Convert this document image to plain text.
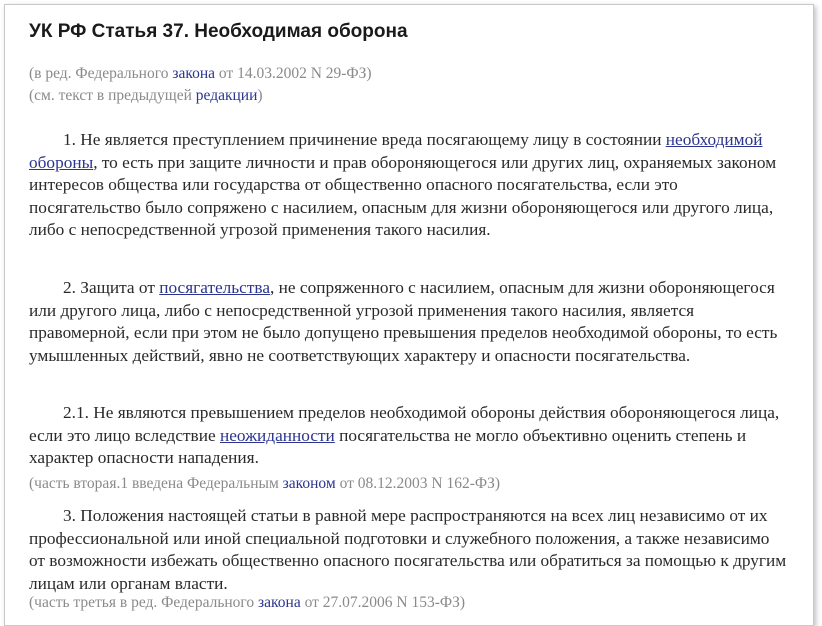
УК РФ Статья 37. Необходимая оборона
(в ред. Федерального закона от 14.03.2002 N 29-ФЗ)
(см. текст в предыдущей редакции)

1. Не является преступлением причинение вреда посягающему лицу в состоянии необходимой обороны, то есть при защите личности и прав обороняющегося или других лиц, охраняемых законом интересов общества или государства от общественно опасного посягательства, если это посягательство было сопряжено с насилием, опасным для жизни обороняющегося или другого лица, либо с непосредственной угрозой применения такого насилия.

2. Защита от посягательства, не сопряженного с насилием, опасным для жизни обороняющегося или другого лица, либо с непосредственной угрозой применения такого насилия, является правомерной, если при этом не было допущено превышения пределов необходимой обороны, то есть умышленных действий, явно не соответствующих характеру и опасности посягательства.

2.1. Не являются превышением пределов необходимой обороны действия обороняющегося лица, если это лицо вследствие неожиданности посягательства не могло объективно оценить степень и характер опасности нападения.

(часть вторая.1 введена Федеральным законом от 08.12.2003 N 162-ФЗ)

3. Положения настоящей статьи в равной мере распространяются на всех лиц независимо от их профессиональной или иной специальной подготовки и служебного положения, а также независимо от возможности избежать общественно опасного посягательства или обратиться за помощью к другим лицам или органам власти.

(часть третья в ред. Федерального закона от 27.07.2006 N 153-ФЗ)
